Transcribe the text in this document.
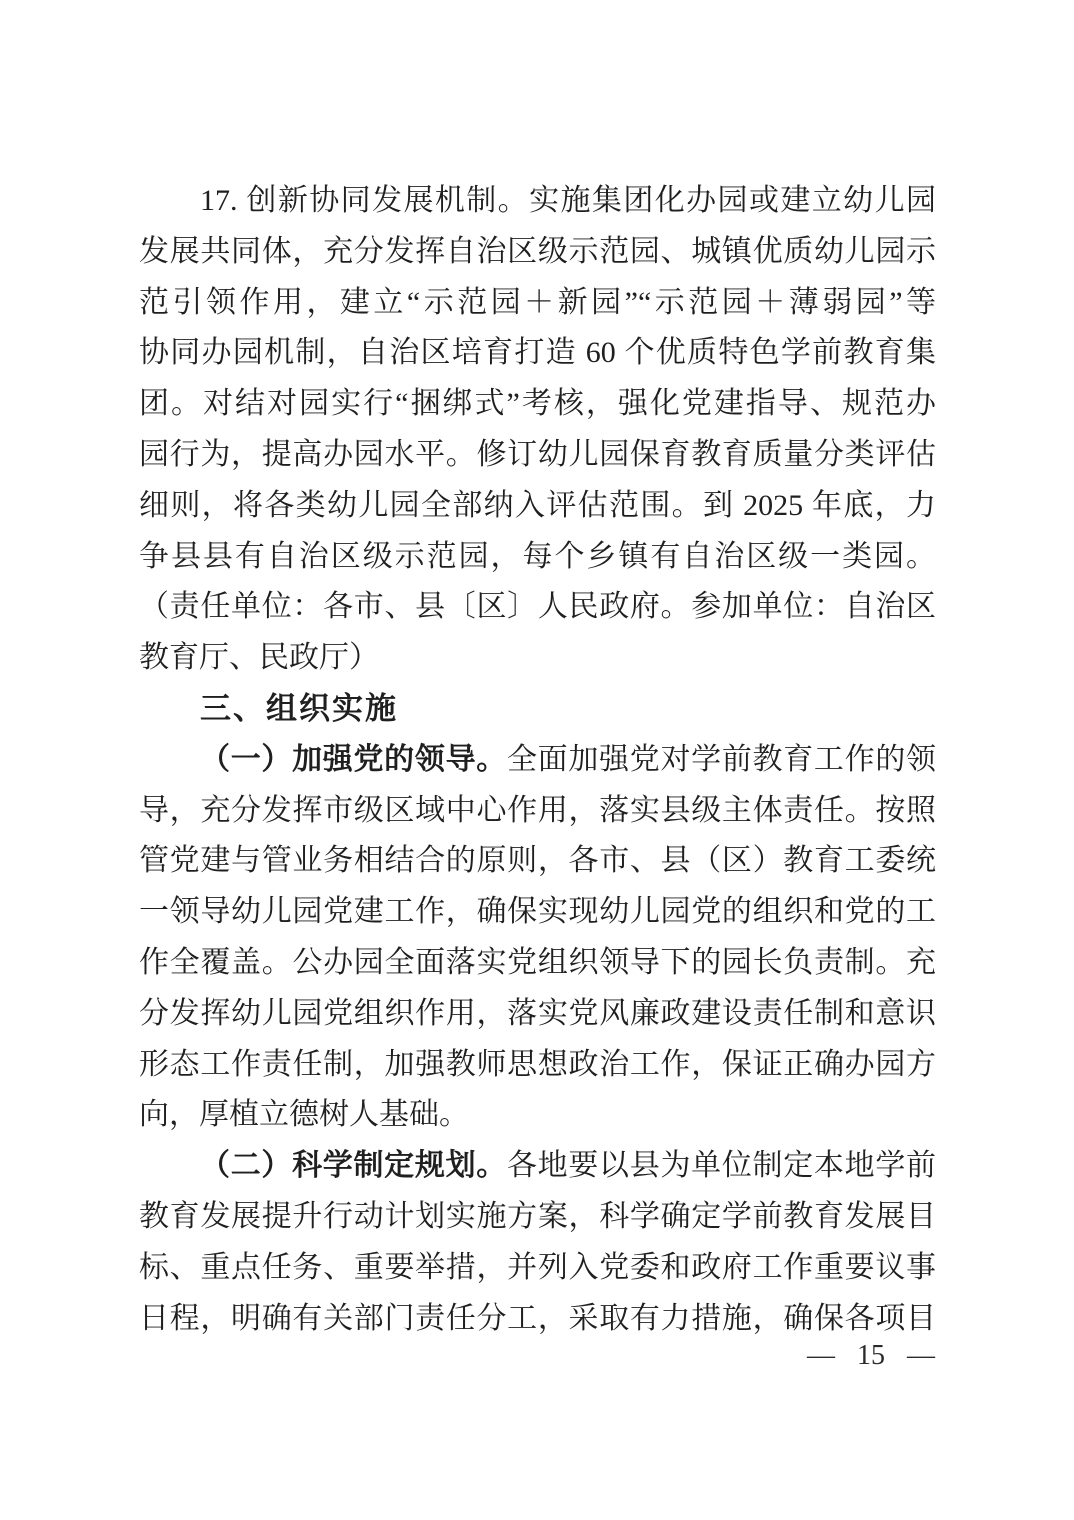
17. 创新协同发展机制。实施集团化办园或建立幼儿园
发展共同体，充分发挥自治区级示范园、城镇优质幼儿园示
范引领作用，建立“示范园＋新园”“示范园＋薄弱园”等
协同办园机制，自治区培育打造 60 个优质特色学前教育集
团。对结对园实行“捆绑式”考核，强化党建指导、规范办
园行为，提高办园水平。修订幼儿园保育教育质量分类评估
细则，将各类幼儿园全部纳入评估范围。到 2025 年底，力
争县县有自治区级示范园，每个乡镇有自治区级一类园。
（责任单位：各市、县〔区〕人民政府。参加单位：自治区
教育厅、民政厅）
三、组织实施
（一）加强党的领导。全面加强党对学前教育工作的领
导，充分发挥市级区域中心作用，落实县级主体责任。按照
管党建与管业务相结合的原则，各市、县（区）教育工委统
一领导幼儿园党建工作，确保实现幼儿园党的组织和党的工
作全覆盖。公办园全面落实党组织领导下的园长负责制。充
分发挥幼儿园党组织作用，落实党风廉政建设责任制和意识
形态工作责任制，加强教师思想政治工作，保证正确办园方
向，厚植立德树人基础。
（二）科学制定规划。各地要以县为单位制定本地学前
教育发展提升行动计划实施方案，科学确定学前教育发展目
标、重点任务、重要举措，并列入党委和政府工作重要议事
日程，明确有关部门责任分工，采取有力措施，确保各项目
— 15 —
